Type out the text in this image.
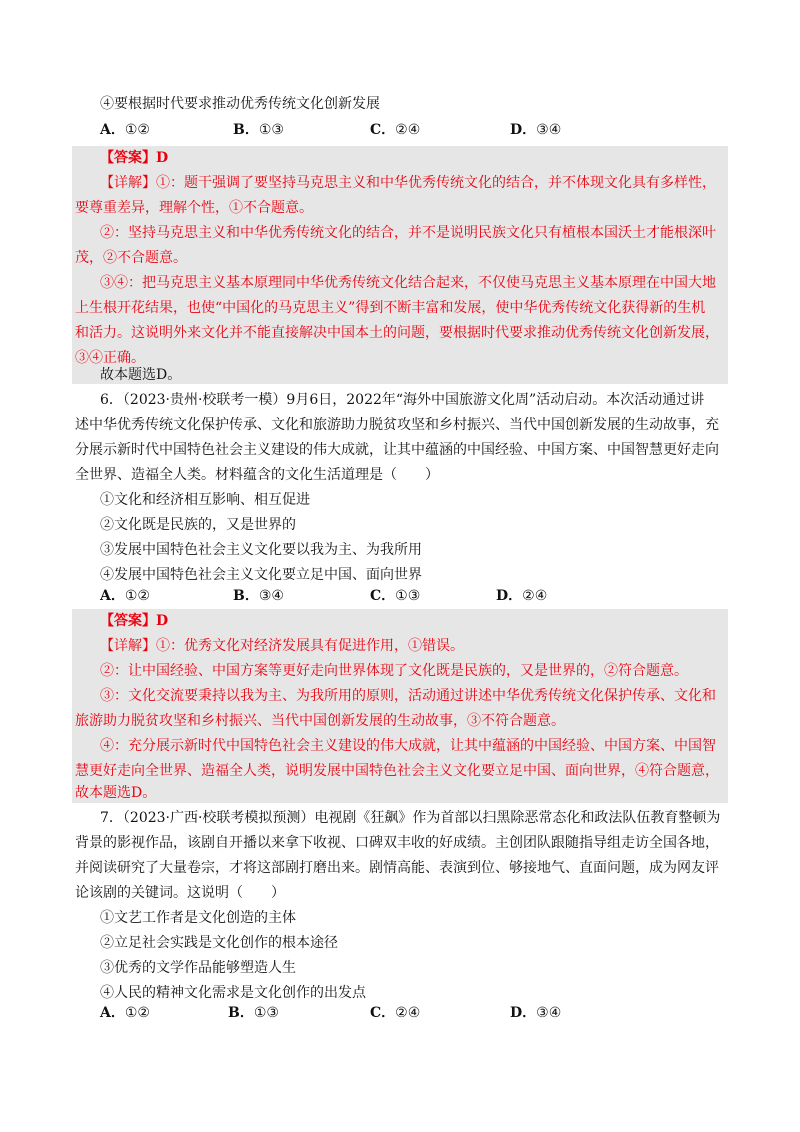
④要根据时代要求推动优秀传统文化创新发展
A．①②	B．①③	C．②④	D．③④
【答案】D
【详解】①：题干强调了要坚持马克思主义和中华优秀传统文化的结合，并不体现文化具有多样性，
要尊重差异，理解个性，①不合题意。
②：坚持马克思主义和中华优秀传统文化的结合，并不是说明民族文化只有植根本国沃土才能根深叶
茂，②不合题意。
③④：把马克思主义基本原理同中华优秀传统文化结合起来，不仅使马克思主义基本原理在中国大地
上生根开花结果，也使“中国化的马克思主义”得到不断丰富和发展，使中华优秀传统文化获得新的生机
和活力。这说明外来文化并不能直接解决中国本土的问题，要根据时代要求推动优秀传统文化创新发展，
③④正确。
故本题选D。
6．（2023·贵州·校联考一模）9月6日，2022年“海外中国旅游文化周”活动启动。本次活动通过讲
述中华优秀传统文化保护传承、文化和旅游助力脱贫攻坚和乡村振兴、当代中国创新发展的生动故事，充
分展示新时代中国特色社会主义建设的伟大成就，让其中蕴涵的中国经验、中国方案、中国智慧更好走向
全世界、造福全人类。材料蕴含的文化生活道理是（　　）
①文化和经济相互影响、相互促进
②文化既是民族的，又是世界的
③发展中国特色社会主义文化要以我为主、为我所用
④发展中国特色社会主义文化要立足中国、面向世界
A．①②	B．③④	C．①③	D．②④
【答案】D
【详解】①：优秀文化对经济发展具有促进作用，①错误。
②：让中国经验、中国方案等更好走向世界体现了文化既是民族的，又是世界的，②符合题意。
③：文化交流要秉持以我为主、为我所用的原则，活动通过讲述中华优秀传统文化保护传承、文化和
旅游助力脱贫攻坚和乡村振兴、当代中国创新发展的生动故事，③不符合题意。
④：充分展示新时代中国特色社会主义建设的伟大成就，让其中蕴涵的中国经验、中国方案、中国智
慧更好走向全世界、造福全人类，说明发展中国特色社会主义文化要立足中国、面向世界，④符合题意，
故本题选D。
7．（2023·广西·校联考模拟预测）电视剧《狂飙》作为首部以扫黑除恶常态化和政法队伍教育整顿为
背景的影视作品，该剧自开播以来拿下收视、口碑双丰收的好成绩。主创团队跟随指导组走访全国各地，
并阅读研究了大量卷宗，才将这部剧打磨出来。剧情高能、表演到位、够接地气、直面问题，成为网友评
论该剧的关键词。这说明（　　）
①文艺工作者是文化创造的主体
②立足社会实践是文化创作的根本途径
③优秀的文学作品能够塑造人生
④人民的精神文化需求是文化创作的出发点
A．①②	B．①③	C．②④	D．③④
